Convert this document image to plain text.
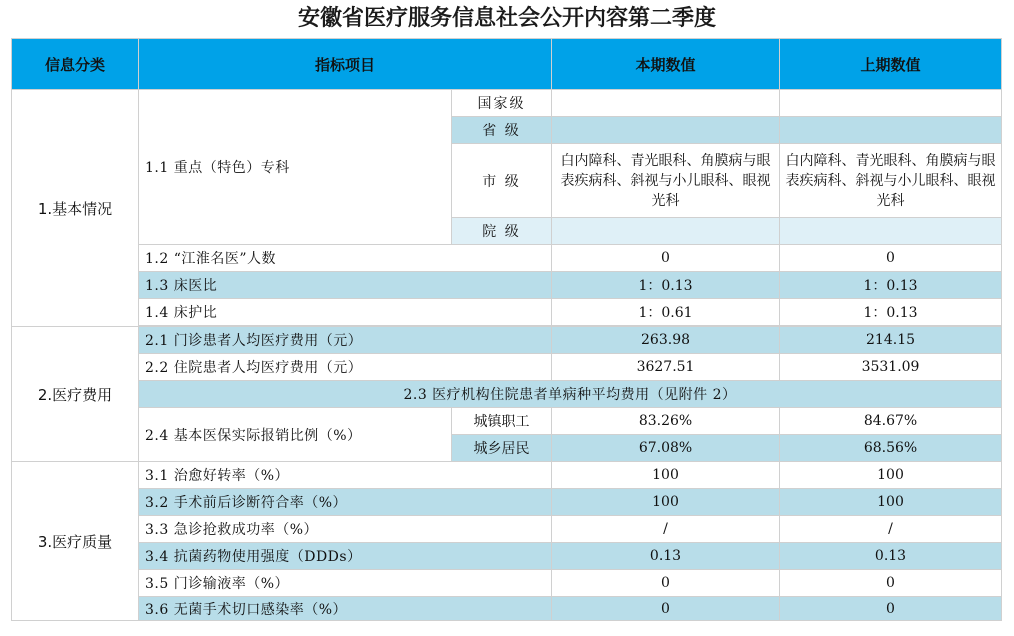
安徽省医疗服务信息社会公开内容第二季度
信息分类	指标项目		本期数值	上期数值
1.基本情况	1.1 重点（特色）专科	国家级		
		省 级		
		市 级	白内障科、青光眼科、角膜病与眼表疾病科、斜视与小儿眼科、眼视光科	白内障科、青光眼科、角膜病与眼表疾病科、斜视与小儿眼科、眼视光科
		院 级		
	1.2 “江淮名医”人数		0	0
	1.3 床医比		1：0.13	1：0.13
	1.4 床护比		1：0.61	1：0.13

2.医疗费用	2.1 门诊患者人均医疗费用（元）		263.98	214.15
	2.2 住院患者人均医疗费用（元）		3627.51	3531.09
	2.3 医疗机构住院患者单病种平均费用（见附件 2）			
	2.4 基本医保实际报销比例（%）	城镇职工	83.26%	84.67%
		城乡居民	67.08%	68.56%
3.医疗质量	3.1 治愈好转率（%）		100	100
	3.2 手术前后诊断符合率（%）		100	100
	3.3 急诊抢救成功率（%）		/	/
	3.4 抗菌药物使用强度（DDDs）		0.13	0.13
	3.5 门诊输液率（%）		0	0
	3.6 无菌手术切口感染率（%）		0	0
